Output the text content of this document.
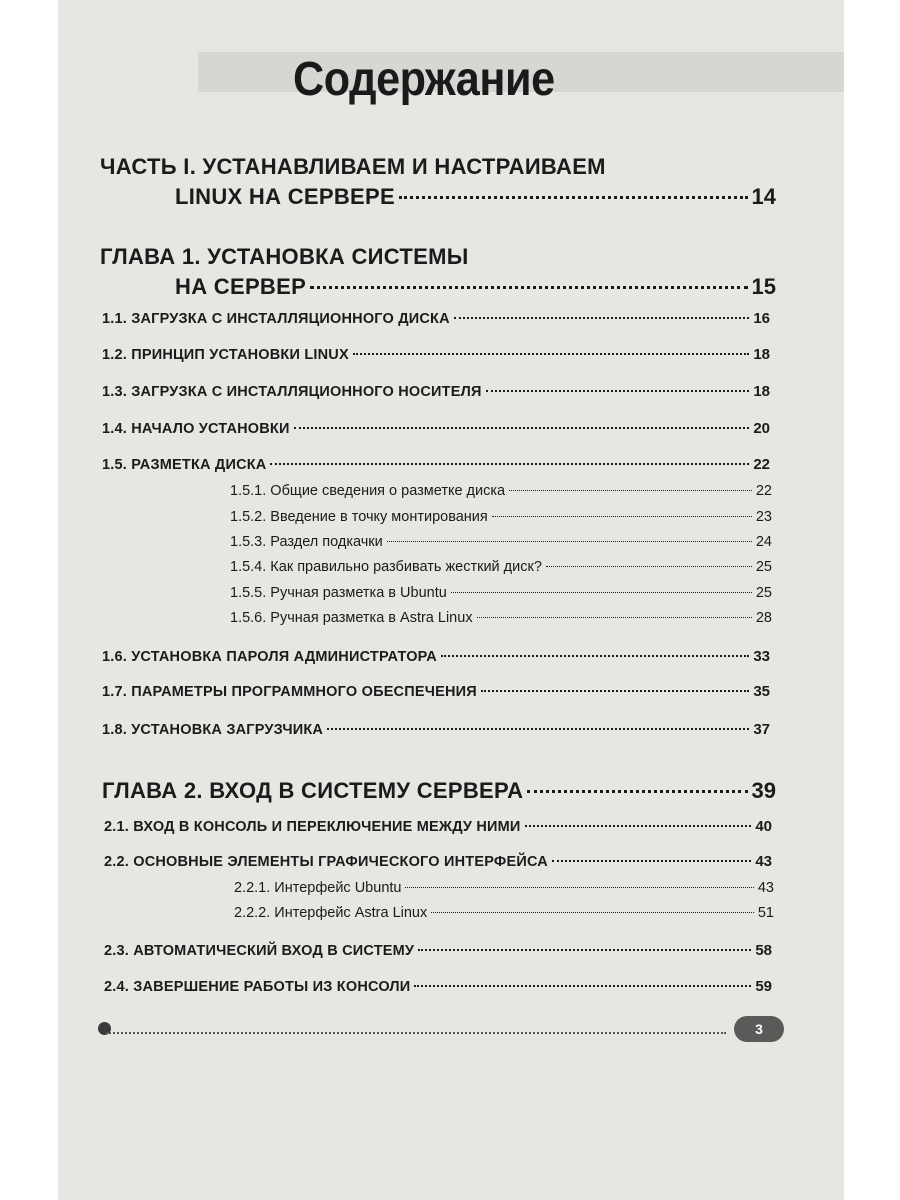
Содержание
ЧАСТЬ I. УСТАНАВЛИВАЕМ И НАСТРАИВАЕМ
LINUX НА СЕРВЕРЕ	14
ГЛАВА 1. УСТАНОВКА СИСТЕМЫ
НА СЕРВЕР	15
1.1. ЗАГРУЗКА С ИНСТАЛЛЯЦИОННОГО ДИСКА	16
1.2. ПРИНЦИП УСТАНОВКИ LINUX	18
1.3. ЗАГРУЗКА С ИНСТАЛЛЯЦИОННОГО НОСИТЕЛЯ	18
1.4. НАЧАЛО УСТАНОВКИ	20
1.5. РАЗМЕТКА ДИСКА	22
1.5.1. Общие сведения о разметке диска	22
1.5.2. Введение в точку монтирования	23
1.5.3. Раздел подкачки	24
1.5.4. Как правильно разбивать жесткий диск?	25
1.5.5. Ручная разметка в Ubuntu	25
1.5.6. Ручная разметка в Astra Linux	28
1.6. УСТАНОВКА ПАРОЛЯ АДМИНИСТРАТОРА	33
1.7. ПАРАМЕТРЫ ПРОГРАММНОГО ОБЕСПЕЧЕНИЯ	35
1.8. УСТАНОВКА ЗАГРУЗЧИКА	37
ГЛАВА 2. ВХОД В СИСТЕМУ СЕРВЕРА	39
2.1. ВХОД В КОНСОЛЬ И ПЕРЕКЛЮЧЕНИЕ МЕЖДУ НИМИ	40
2.2. ОСНОВНЫЕ ЭЛЕМЕНТЫ ГРАФИЧЕСКОГО ИНТЕРФЕЙСА	43
2.2.1. Интерфейс Ubuntu	43
2.2.2. Интерфейс Astra Linux	51
2.3. АВТОМАТИЧЕСКИЙ ВХОД В СИСТЕМУ	58
2.4. ЗАВЕРШЕНИЕ РАБОТЫ ИЗ КОНСОЛИ	59
3
